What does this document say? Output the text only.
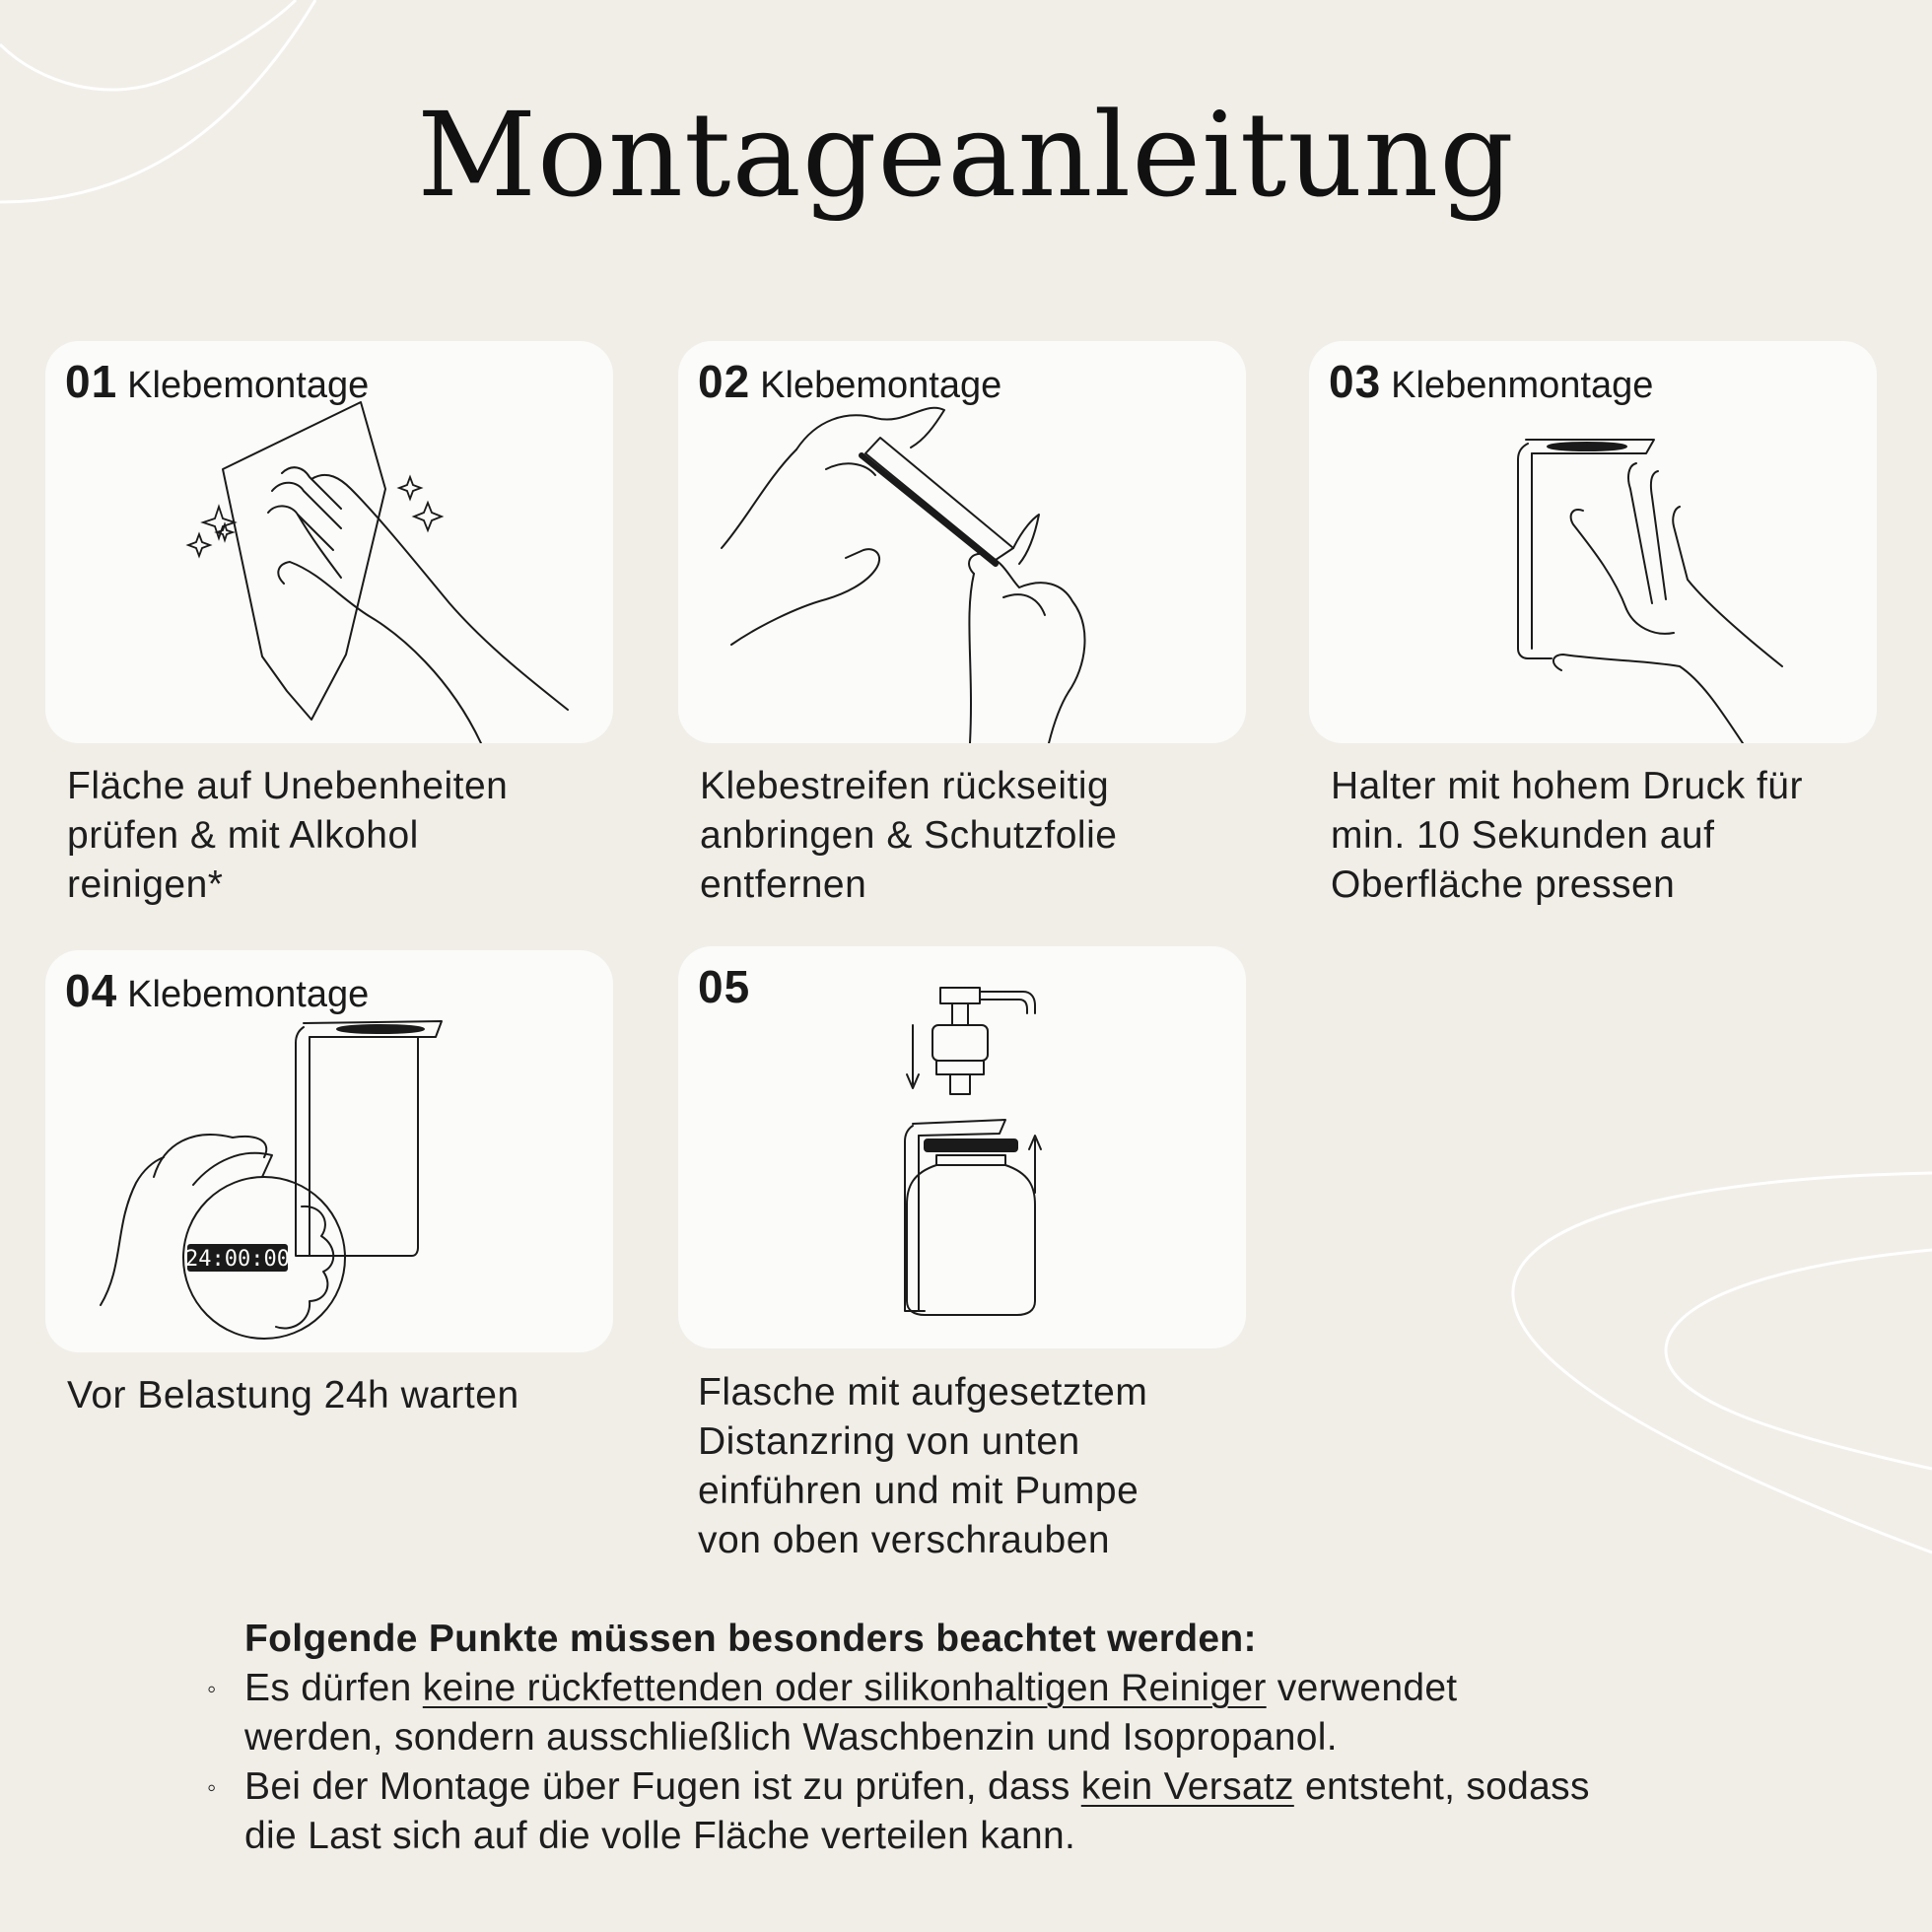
Montageanleitung
01 Klebemontage
Fläche auf Unebenheiten
prüfen & mit Alkohol
reinigen*
02 Klebemontage
Klebestreifen rückseitig
anbringen & Schutzfolie
entfernen
03 Klebenmontage
Halter mit hohem Druck für
min. 10 Sekunden auf
Oberfläche pressen
24:00:00
04 Klebemontage
Vor Belastung 24h warten
05
Flasche mit aufgesetztem
Distanzring von unten
einführen und mit Pumpe
von oben verschrauben
Folgende Punkte müssen besonders beachtet werden:
◦ Es dürfen keine rückfettenden oder silikonhaltigen Reiniger verwendet
werden, sondern ausschließlich Waschbenzin und Isopropanol.
◦ Bei der Montage über Fugen ist zu prüfen, dass kein Versatz entsteht, sodass
die Last sich auf die volle Fläche verteilen kann.
